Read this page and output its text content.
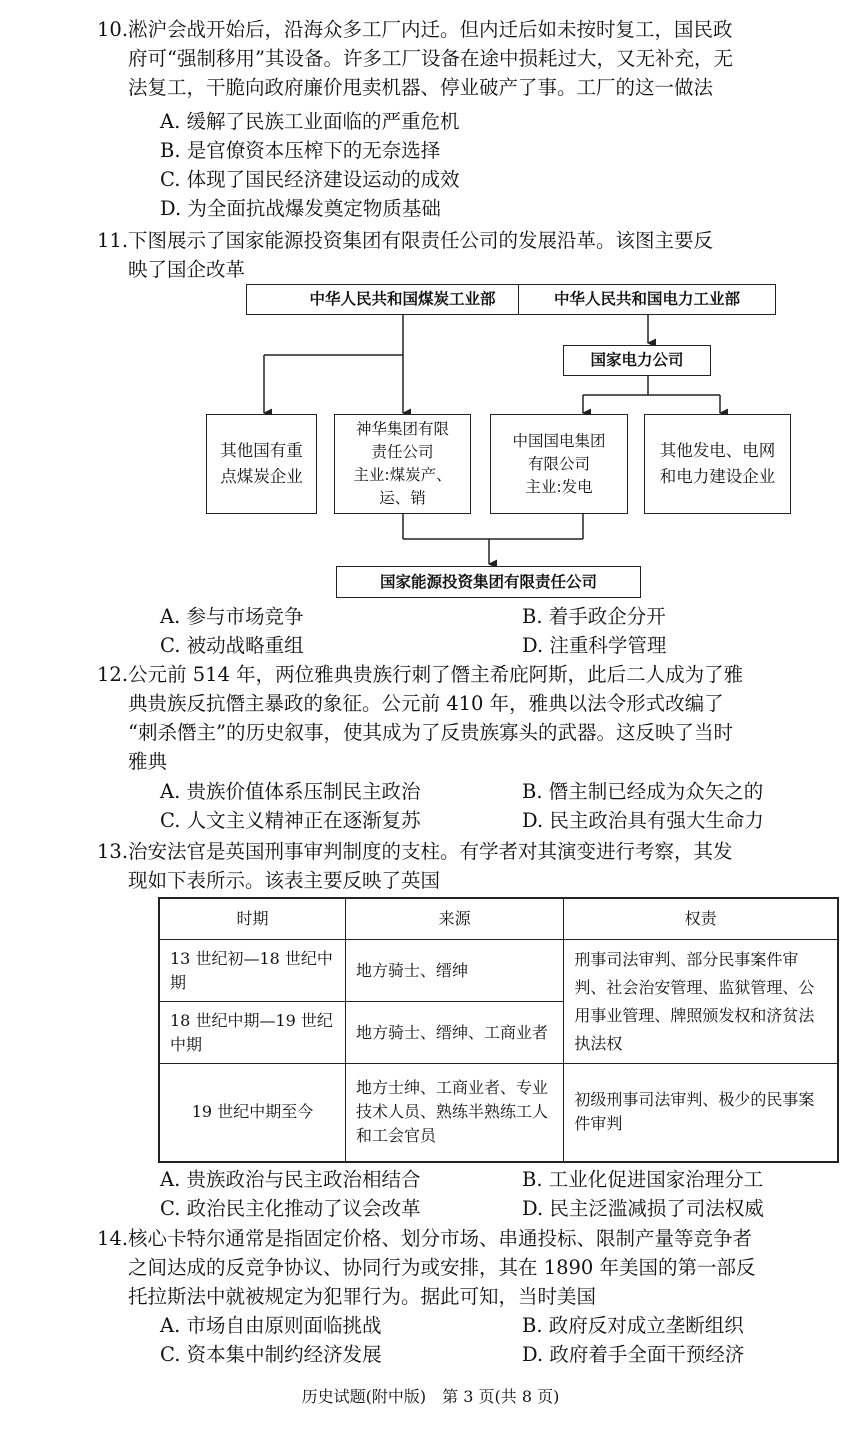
10. 淞沪会战开始后，沿海众多工厂内迁。但内迁后如未按时复工，国民政

府可“强制移用”其设备。许多工厂设备在途中损耗过大，又无补充，无

法复工，干脆向政府廉价甩卖机器、停业破产了事。工厂的这一做法

A. 缓解了民族工业面临的严重危机
B. 是官僚资本压榨下的无奈选择
C. 体现了国民经济建设运动的成效
D. 为全面抗战爆发奠定物质基础
11. 下图展示了国家能源投资集团有限责任公司的发展沿革。该图主要反

映了国企改革

中华人民共和国煤炭工业部	中华人民共和国电力工业部
国家电力公司
其他国有重
点煤炭企业
神华集团有限
责任公司
主业:煤炭产、
运、销
中国国电集团
有限公司
主业:发电
其他发电、电网
和电力建设企业
国家能源投资集团有限责任公司
A. 参与市场竞争	B. 着手政企分开
C. 被动战略重组	D. 注重科学管理
12. 公元前 514 年，两位雅典贵族行刺了僭主希庇阿斯，此后二人成为了雅

典贵族反抗僭主暴政的象征。公元前 410 年，雅典以法令形式改编了

“刺杀僭主”的历史叙事，使其成为了反贵族寡头的武器。这反映了当时

雅典

A. 贵族价值体系压制民主政治	B. 僭主制已经成为众矢之的
C. 人文主义精神正在逐渐复苏	D. 民主政治具有强大生命力
13. 治安法官是英国刑事审判制度的支柱。有学者对其演变进行考察，其发

现如下表所示。该表主要反映了英国

时期	来源	权责
13 世纪初—18 世纪中期	地方骑士、缙绅	刑事司法审判、部分民事案件审判、社会治安管理、监狱管理、公用事业管理、牌照颁发权和济贫法执法权
18 世纪中期—19 世纪中期	地方骑士、缙绅、工商业者	
19 世纪中期至今	地方士绅、工商业者、专业技术人员、熟练半熟练工人和工会官员	初级刑事司法审判、极少的民事案件审判
A. 贵族政治与民主政治相结合	B. 工业化促进国家治理分工
C. 政治民主化推动了议会改革	D. 民主泛滥减损了司法权威
14. 核心卡特尔通常是指固定价格、划分市场、串通投标、限制产量等竞争者

之间达成的反竞争协议、协同行为或安排，其在 1890 年美国的第一部反

托拉斯法中就被规定为犯罪行为。据此可知，当时美国

A. 市场自由原则面临挑战	B. 政府反对成立垄断组织
C. 资本集中制约经济发展	D. 政府着手全面干预经济
历史试题(附中版)　第 3 页(共 8 页)
